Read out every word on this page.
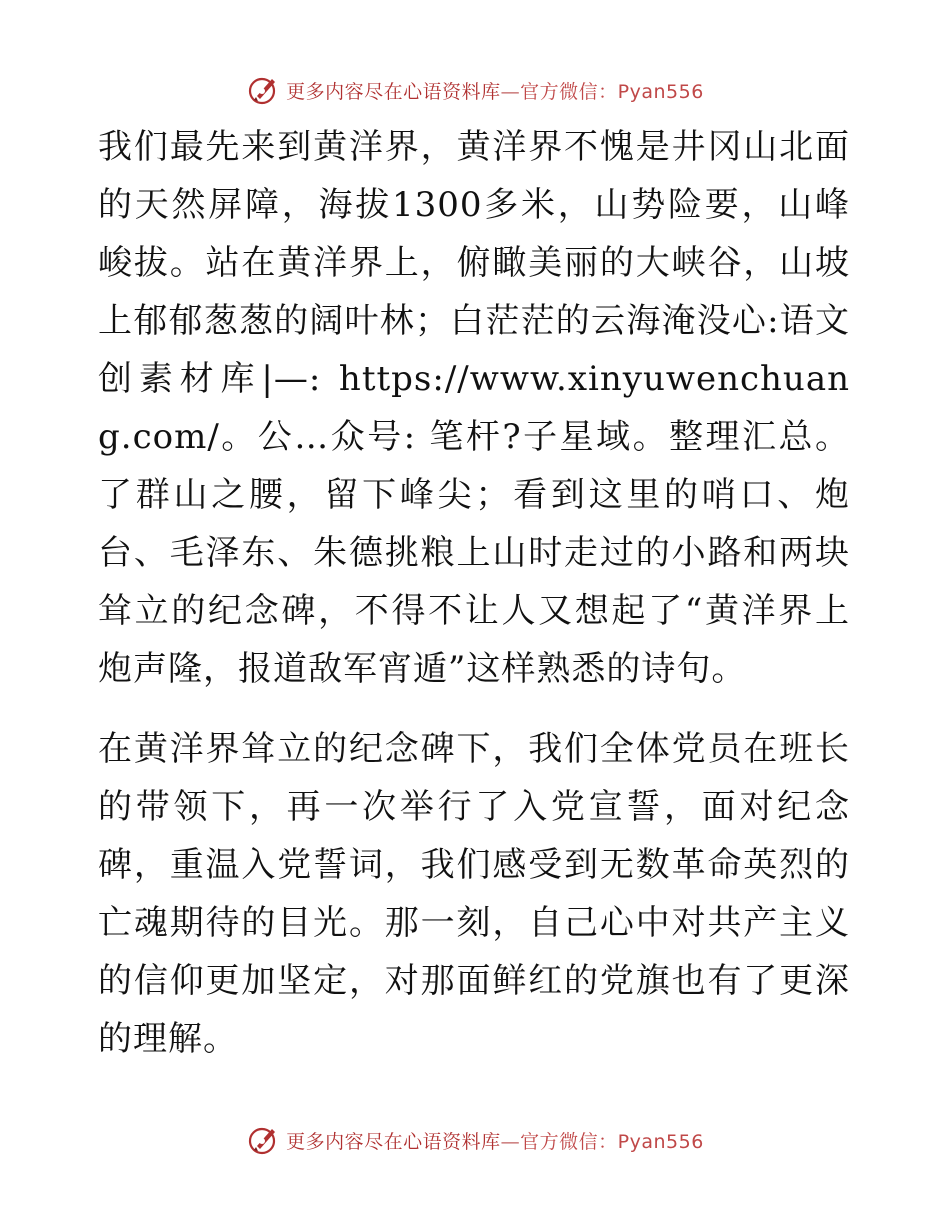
更多内容尽在心语资料库—官方微信：Pyan556

我们最先来到黄洋界，黄洋界不愧是井冈山北面的天然屏障，海拔1300多米，山势险要，山峰峻拔。站在黄洋界上，俯瞰美丽的大峡谷，山坡上郁郁葱葱的阔叶林；白茫茫的云海淹没心:语文创素材库|—: https://www.xinyuwenchuang.com/。公…众号: 笔杆?子星域。整理汇总。了群山之腰，留下峰尖；看到这里的哨口、炮台、毛泽东、朱德挑粮上山时走过的小路和两块耸立的纪念碑，不得不让人又想起了“黄洋界上炮声隆，报道敌军宵遁”这样熟悉的诗句。

在黄洋界耸立的纪念碑下，我们全体党员在班长的带领下，再一次举行了入党宣誓，面对纪念碑，重温入党誓词，我们感受到无数革命英烈的亡魂期待的目光。那一刻，自己心中对共产主义的信仰更加坚定，对那面鲜红的党旗也有了更深的理解。

更多内容尽在心语资料库—官方微信：Pyan556
